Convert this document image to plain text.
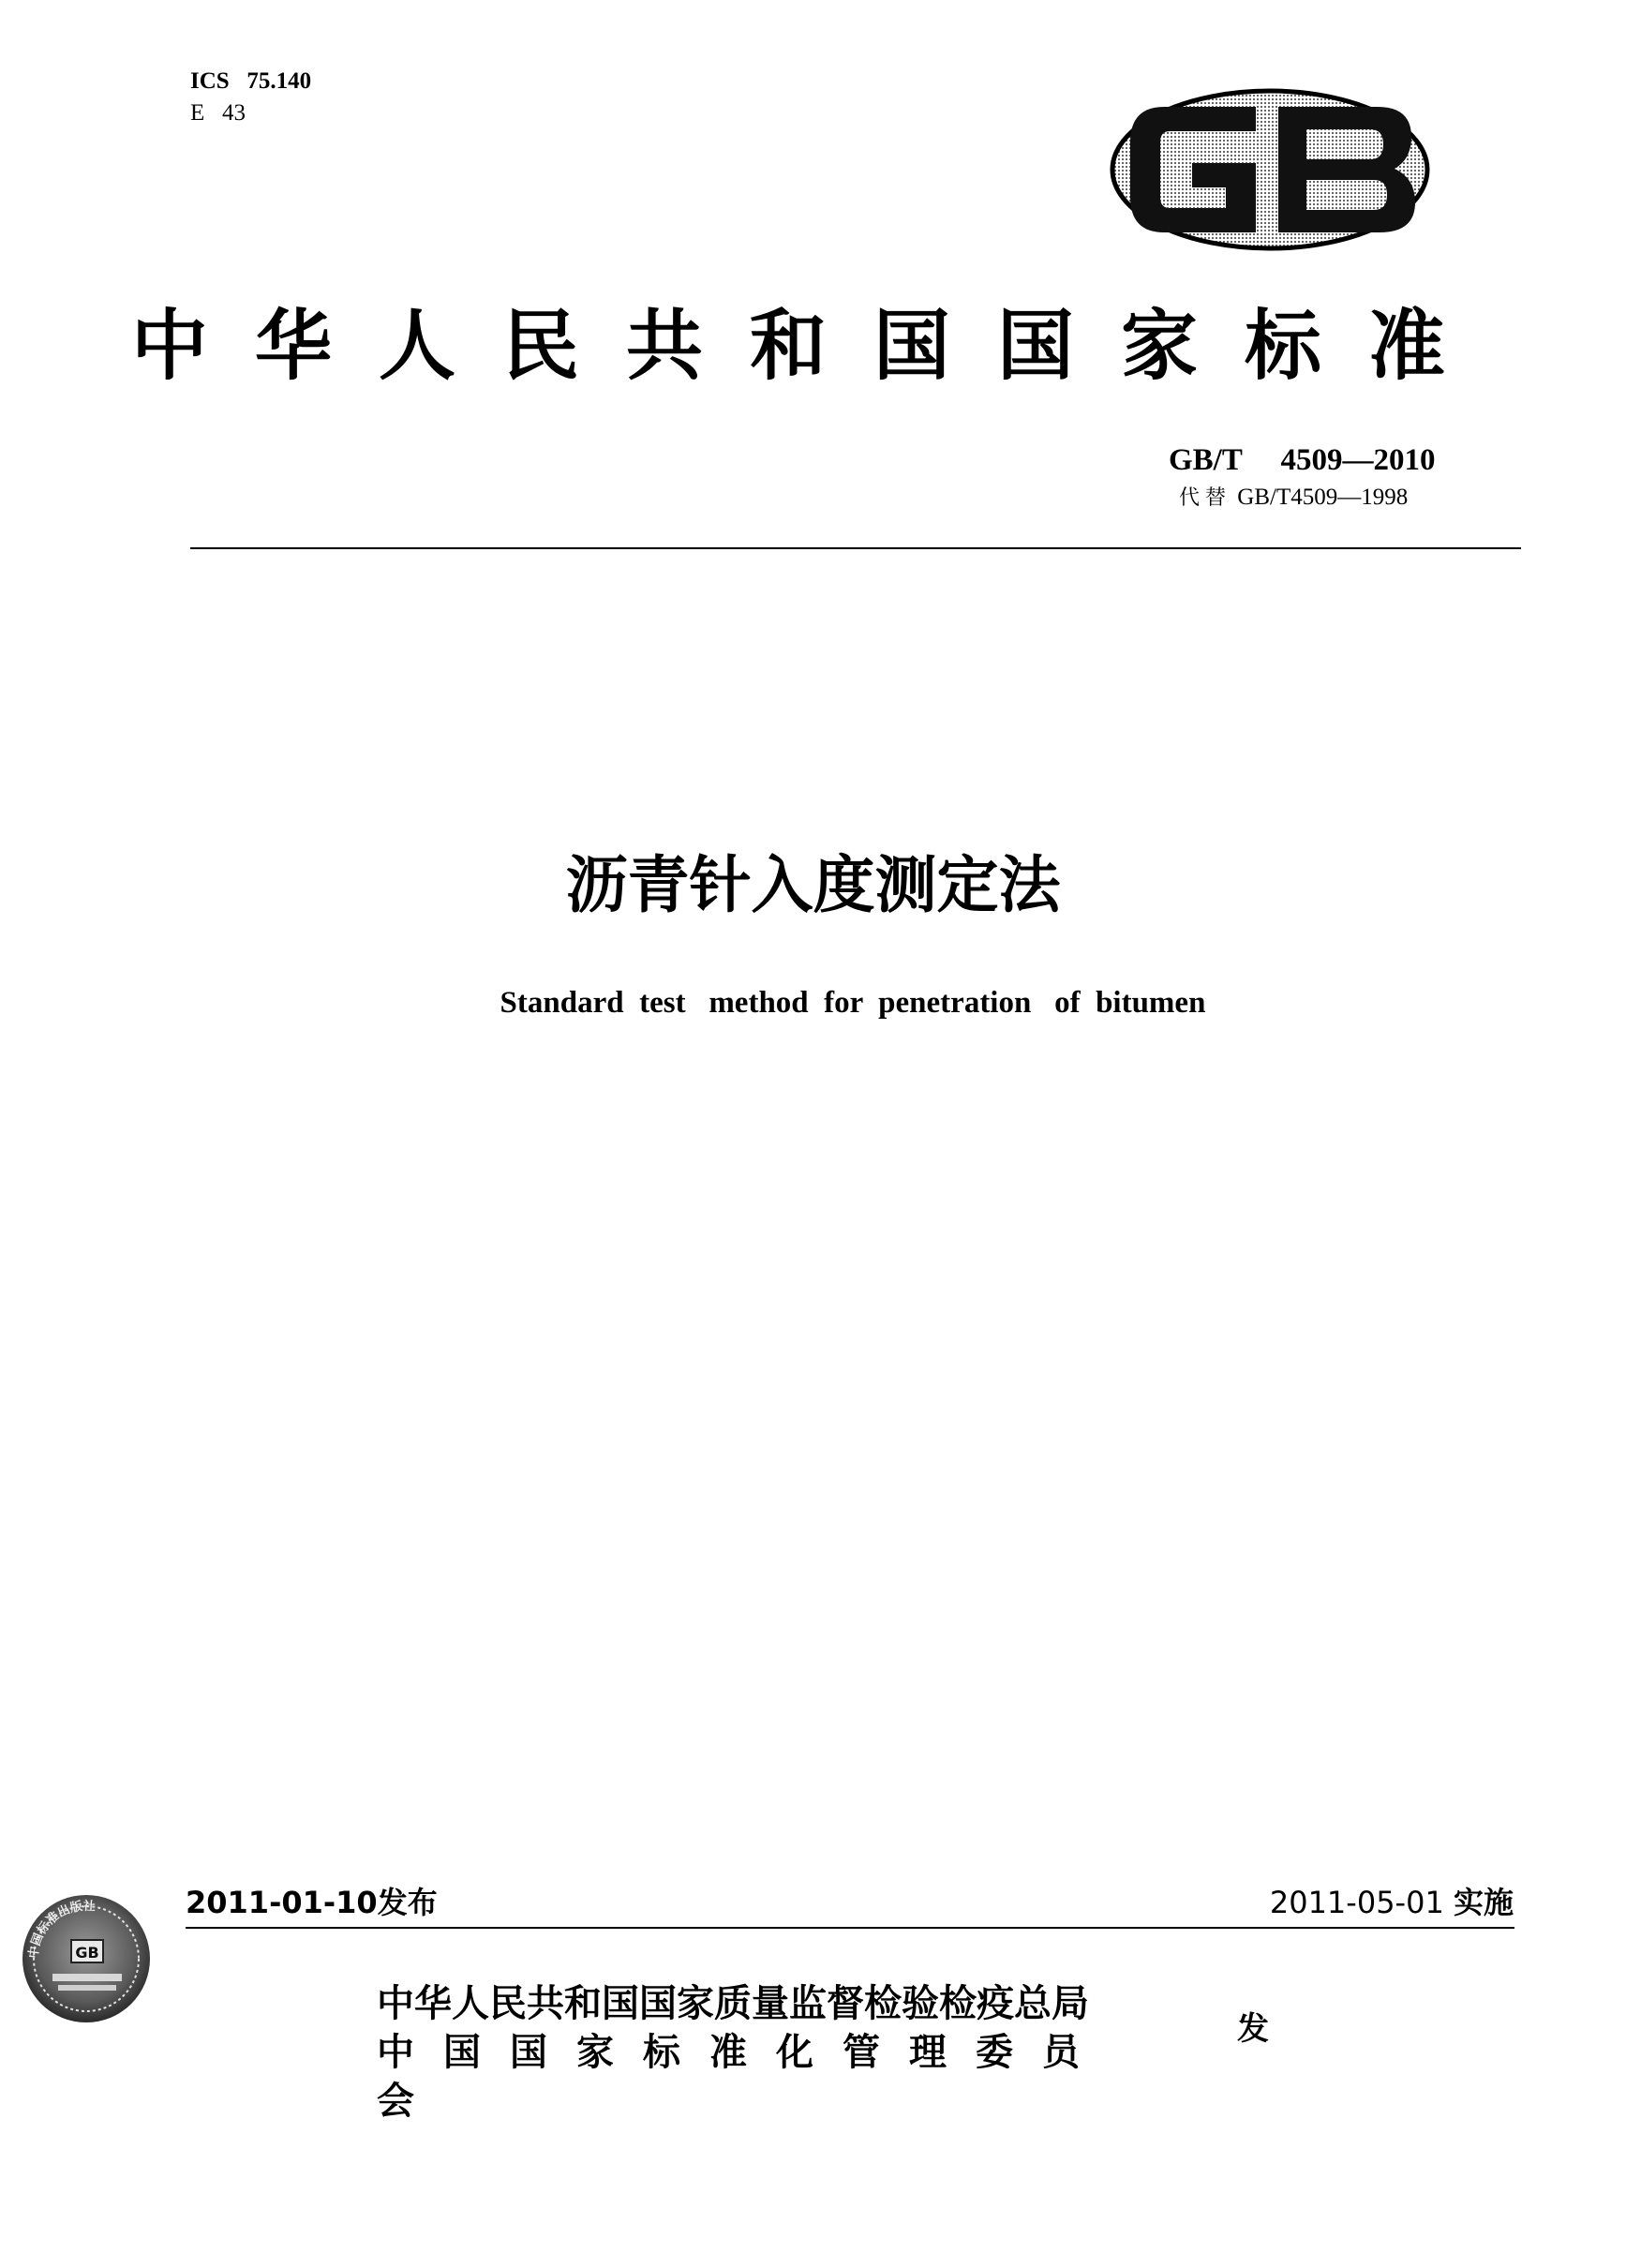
ICS   75.140
E   43
中华人民共和国国家标准
GB/T     4509—2010
代替 GB/T4509—1998
沥青针入度测定法
Standard  test   method  for  penetration   of  bitumen
GB
中国标准出版社	2011-01-10发布	2011-05-01 实施
中华人民共和国国家质量监督检验检疫总局
中国国家标准化管理委员
会
发
